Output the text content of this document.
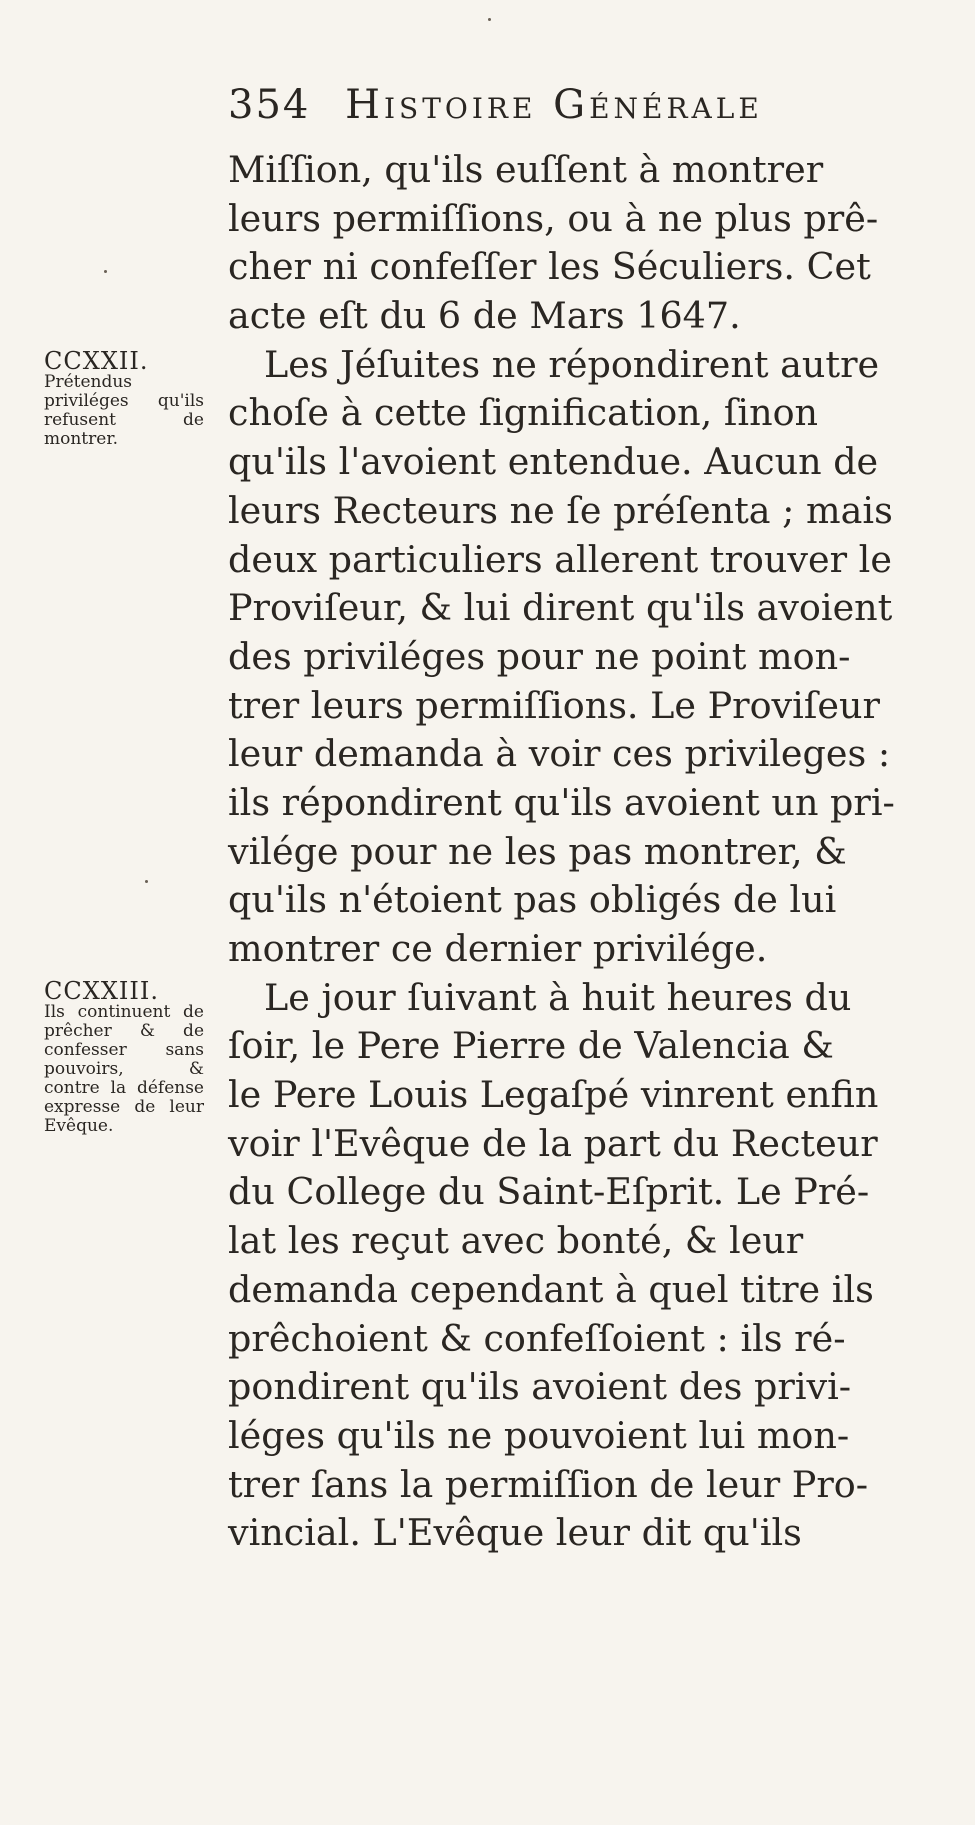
354 Histoire Générale
CCXXII.
Prétendus priviléges qu'ils refusent de montrer.
CCXXIII.
Ils continuent de prêcher & de confesser sans pouvoirs, & contre la défense expresse de leur Evêque.
Miſſion, qu'ils euſſent à montrer
leurs permiſſions, ou à ne plus prê-
cher ni confeſſer les Séculiers. Cet
acte eſt du 6 de Mars 1647.
Les Jéſuites ne répondirent autre
choſe à cette ſignification, ſinon
qu'ils l'avoient entendue. Aucun de
leurs Recteurs ne ſe préſenta ; mais
deux particuliers allerent trouver le
Proviſeur, & lui dirent qu'ils avoient
des priviléges pour ne point mon-
trer leurs permiſſions. Le Proviſeur
leur demanda à voir ces privileges :
ils répondirent qu'ils avoient un pri-
vilége pour ne les pas montrer, &
qu'ils n'étoient pas obligés de lui
montrer ce dernier privilége.
Le jour ſuivant à huit heures du
ſoir, le Pere Pierre de Valencia &
le Pere Louis Legaſpé vinrent enfin
voir l'Evêque de la part du Recteur
du College du Saint-Eſprit. Le Pré-
lat les reçut avec bonté, & leur
demanda cependant à quel titre ils
prêchoient & confeſſoient : ils ré-
pondirent qu'ils avoient des privi-
léges qu'ils ne pouvoient lui mon-
trer ſans la permiſſion de leur Pro-
vincial. L'Evêque leur dit qu'ils
